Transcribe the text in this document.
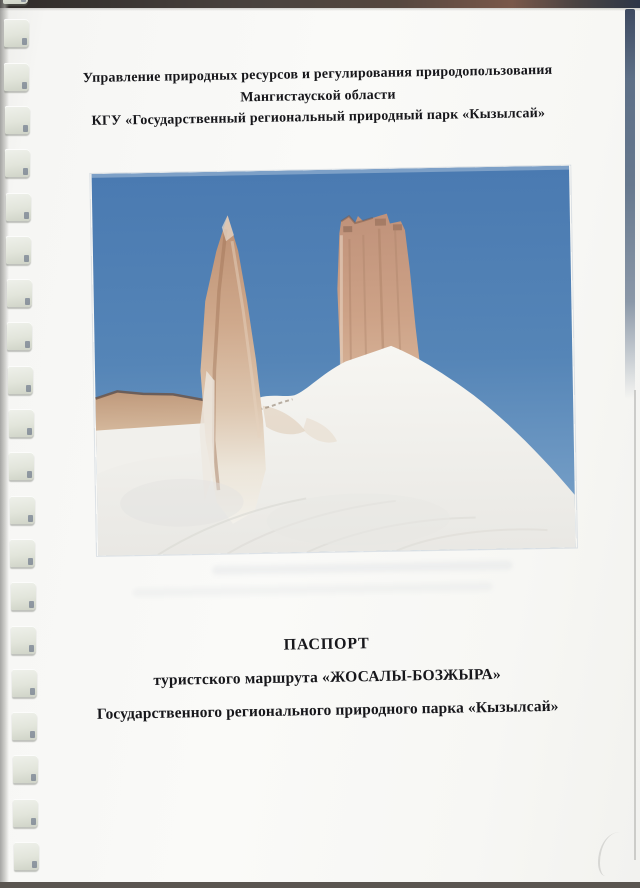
Управление природных ресурсов и регулирования природопользования
Мангистауской области
КГУ «Государственный региональный природный парк «Кызылсай»
ПАСПОРТ
туристского маршрута «ЖОСАЛЫ-БОЗЖЫРА»
Государственного регионального природного парка «Кызылсай»
